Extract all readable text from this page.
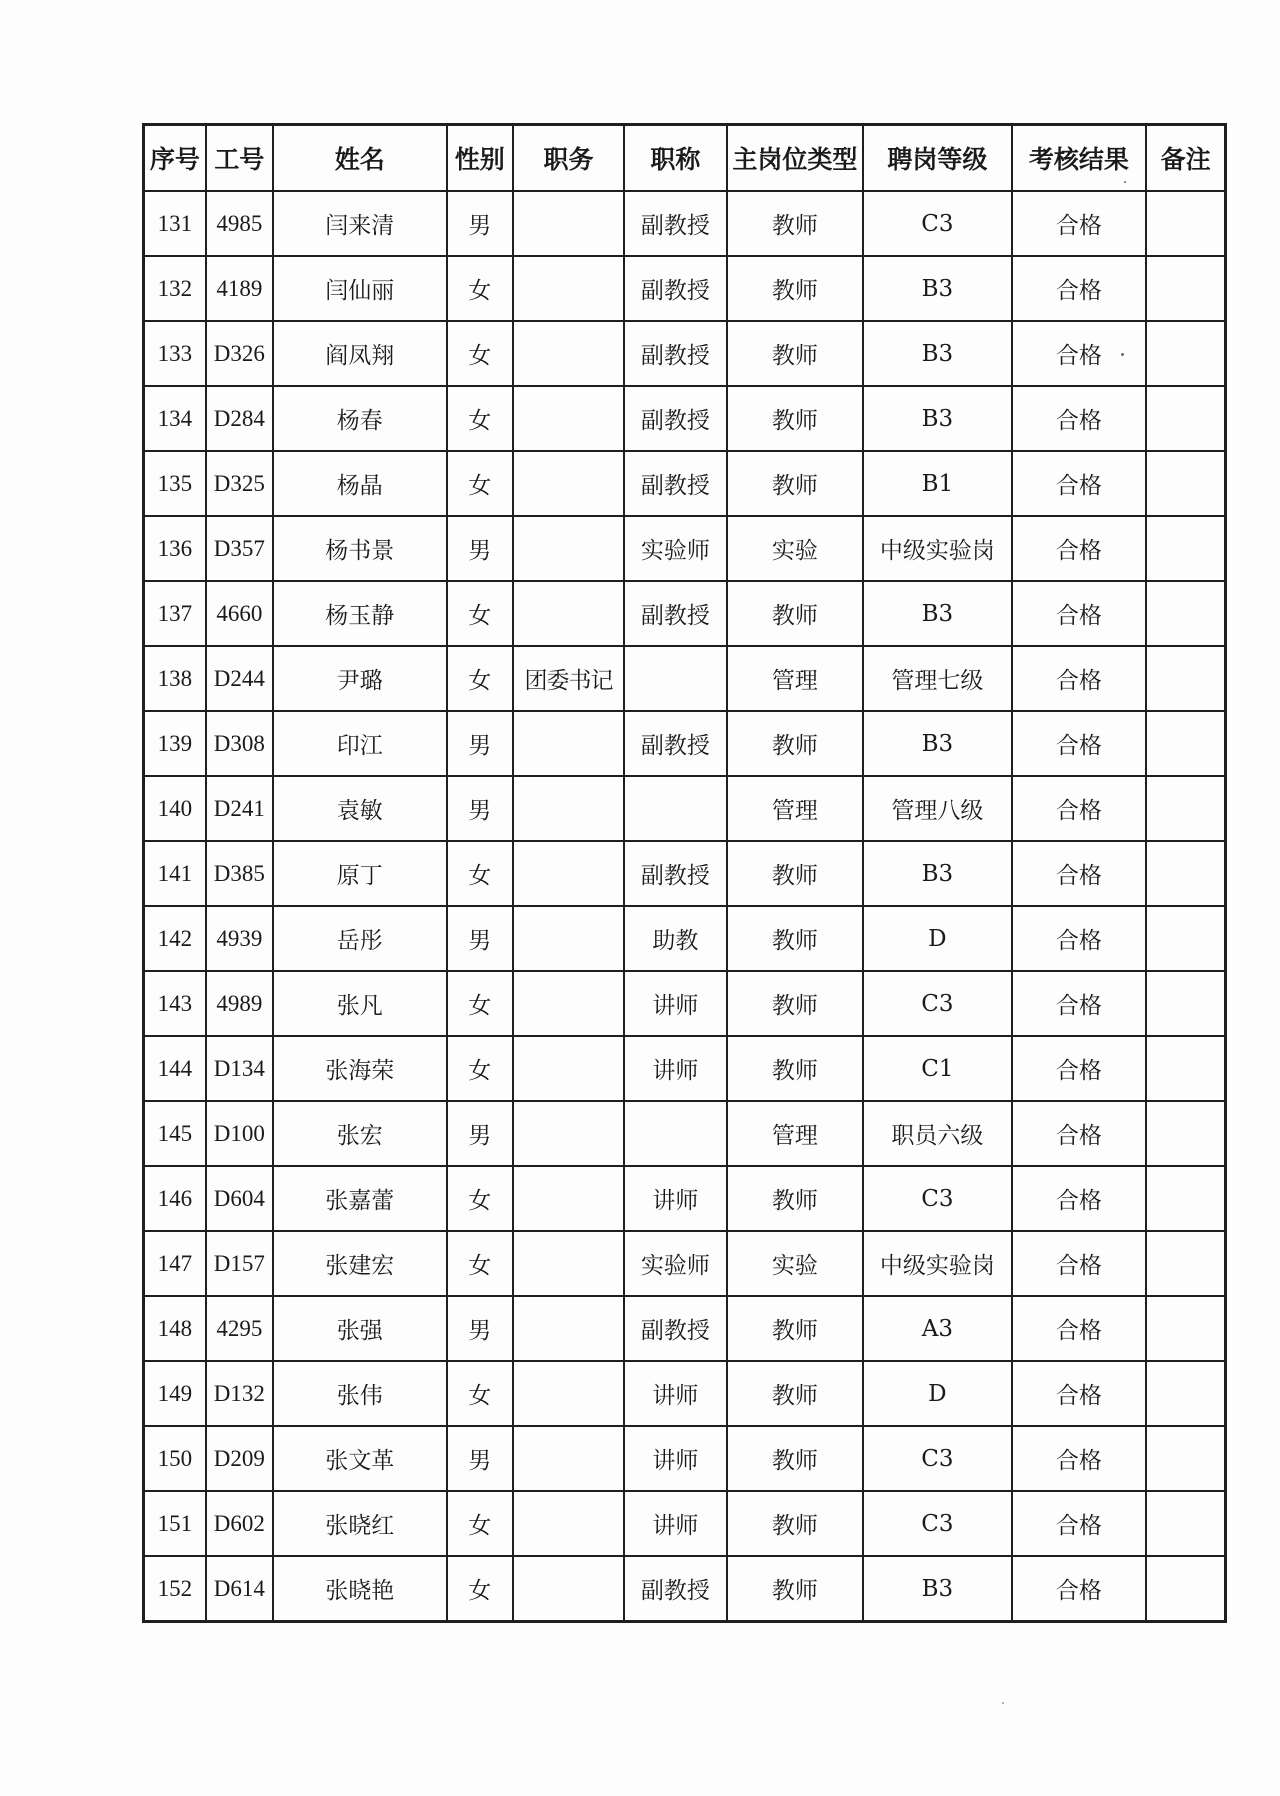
序号	工号	姓名	性别	职务	职称	主岗位类型	聘岗等级	考核结果	备注
131	4985	闫来清	男		副教授	教师	C3	合格	
132	4189	闫仙丽	女		副教授	教师	B3	合格	
133	D326	阎凤翔	女		副教授	教师	B3	合格	
134	D284	杨春	女		副教授	教师	B3	合格	
135	D325	杨晶	女		副教授	教师	B1	合格	
136	D357	杨书景	男		实验师	实验	中级实验岗	合格	
137	4660	杨玉静	女		副教授	教师	B3	合格	
138	D244	尹璐	女	团委书记		管理	管理七级	合格	
139	D308	印江	男		副教授	教师	B3	合格	
140	D241	袁敏	男			管理	管理八级	合格	
141	D385	原丁	女		副教授	教师	B3	合格	
142	4939	岳彤	男		助教	教师	D	合格	
143	4989	张凡	女		讲师	教师	C3	合格	
144	D134	张海荣	女		讲师	教师	C1	合格	
145	D100	张宏	男			管理	职员六级	合格	
146	D604	张嘉蕾	女		讲师	教师	C3	合格	
147	D157	张建宏	女		实验师	实验	中级实验岗	合格	
148	4295	张强	男		副教授	教师	A3	合格	
149	D132	张伟	女		讲师	教师	D	合格	
150	D209	张文革	男		讲师	教师	C3	合格	
151	D602	张晓红	女		讲师	教师	C3	合格	
152	D614	张晓艳	女		副教授	教师	B3	合格	
